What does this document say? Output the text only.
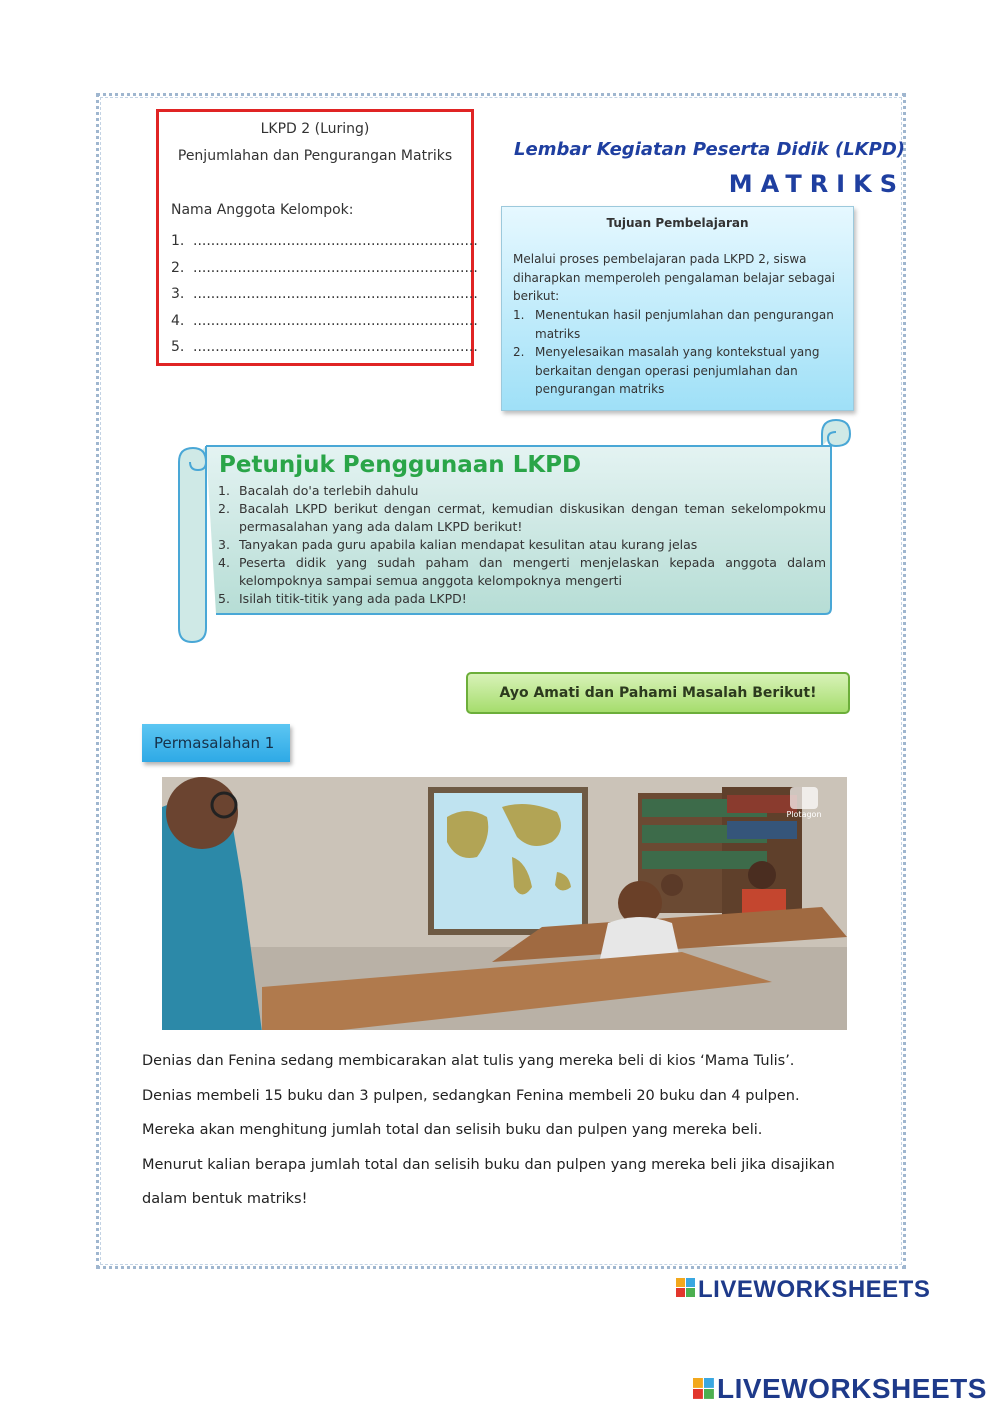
LKPD 2 (Luring)
Penjumlahan dan Pengurangan Matriks
Nama Anggota Kelompok:
1. ................................................................
2. ................................................................
3. ................................................................
4. ................................................................
5. ................................................................
Lembar Kegiatan Peserta Didik (LKPD)
MATRIKS
Tujuan Pembelajaran
Melalui proses pembelajaran pada LKPD 2, siswa diharapkan memperoleh pengalaman belajar sebagai berikut:
1. Menentukan hasil penjumlahan dan pengurangan matriks
2. Menyelesaikan masalah yang kontekstual yang berkaitan dengan operasi penjumlahan dan pengurangan matriks
Petunjuk Penggunaan LKPD
1. Bacalah do'a terlebih dahulu
2. Bacalah LKPD berikut dengan cermat, kemudian diskusikan dengan teman sekelompokmu permasalahan yang ada dalam LKPD berikut!
3. Tanyakan pada guru apabila kalian mendapat kesulitan atau kurang jelas
4. Peserta didik yang sudah paham dan mengerti menjelaskan kepada anggota dalam kelompoknya sampai semua anggota kelompoknya mengerti
5. Isilah titik-titik yang ada pada LKPD!
Ayo Amati dan Pahami Masalah Berikut!
Permasalahan 1
Plotagon

Denias dan Fenina sedang membicarakan alat tulis yang mereka beli di kios ‘Mama Tulis’.

Denias membeli 15 buku dan 3 pulpen, sedangkan Fenina membeli 20 buku dan 4 pulpen.

Mereka akan menghitung jumlah total dan selisih buku dan pulpen yang mereka beli.

Menurut kalian berapa jumlah total dan selisih buku dan pulpen yang mereka beli jika disajikan

dalam bentuk matriks!

LIVEWORKSHEETS
LIVEWORKSHEETS
